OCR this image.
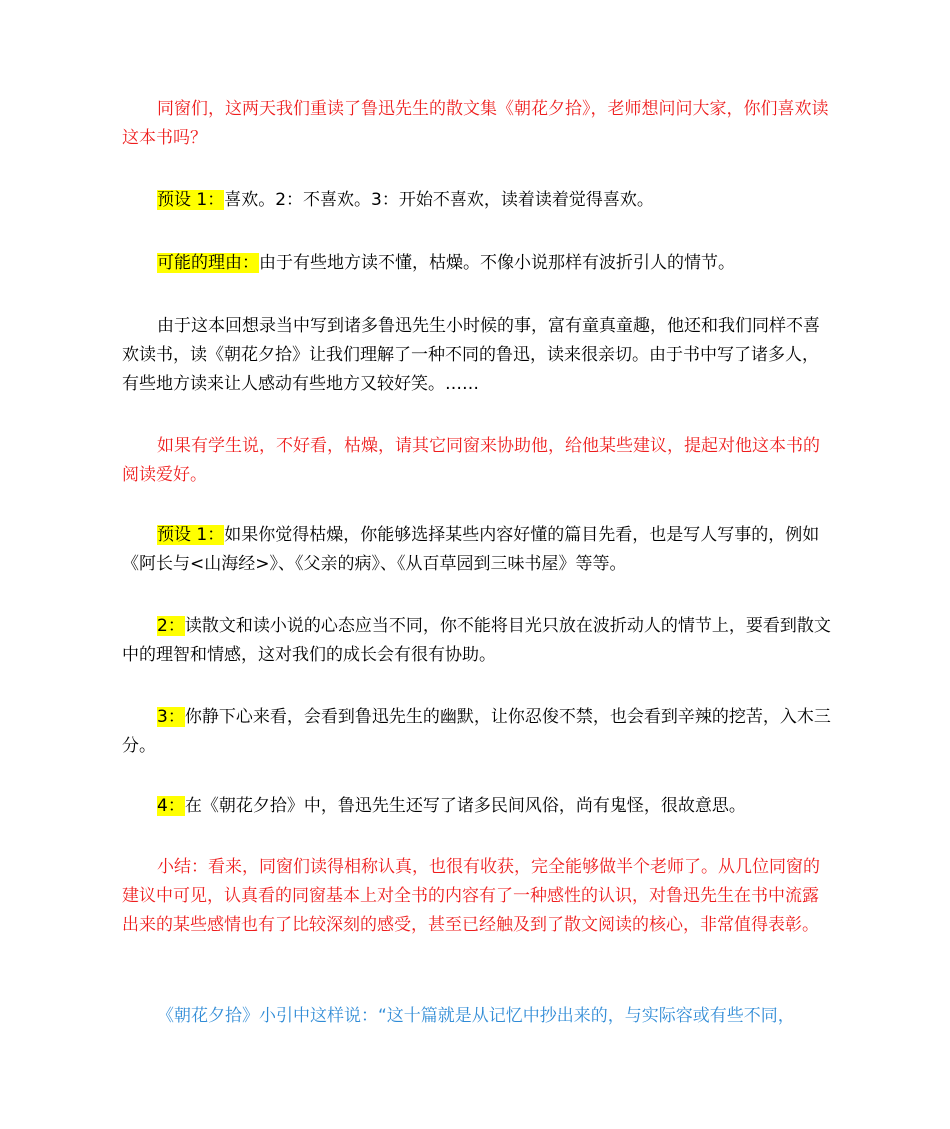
同窗们，这两天我们重读了鲁迅先生的散文集《朝花夕拾》，老师想问问大家，你们喜欢读这本书吗？

预设 1：喜欢。2：不喜欢。3：开始不喜欢，读着读着觉得喜欢。

可能的理由：由于有些地方读不懂，枯燥。不像小说那样有波折引人的情节。

由于这本回想录当中写到诸多鲁迅先生小时候的事，富有童真童趣，他还和我们同样不喜欢读书，读《朝花夕拾》让我们理解了一种不同的鲁迅，读来很亲切。由于书中写了诸多人，有些地方读来让人感动有些地方又较好笑。……

如果有学生说，不好看，枯燥，请其它同窗来协助他，给他某些建议，提起对他这本书的阅读爱好。

预设 1：如果你觉得枯燥，你能够选择某些内容好懂的篇目先看，也是写人写事的，例如《阿长与<山海经>》、《父亲的病》、《从百草园到三味书屋》等等。

2：读散文和读小说的心态应当不同，你不能将目光只放在波折动人的情节上，要看到散文中的理智和情感，这对我们的成长会有很有协助。

3：你静下心来看，会看到鲁迅先生的幽默，让你忍俊不禁，也会看到辛辣的挖苦，入木三分。

4：在《朝花夕拾》中，鲁迅先生还写了诸多民间风俗，尚有鬼怪，很故意思。

小结：看来，同窗们读得相称认真，也很有收获，完全能够做半个老师了。从几位同窗的建议中可见，认真看的同窗基本上对全书的内容有了一种感性的认识，对鲁迅先生在书中流露出来的某些感情也有了比较深刻的感受，甚至已经触及到了散文阅读的核心，非常值得表彰。

《朝花夕拾》小引中这样说：“这十篇就是从记忆中抄出来的，与实际容或有些不同，
